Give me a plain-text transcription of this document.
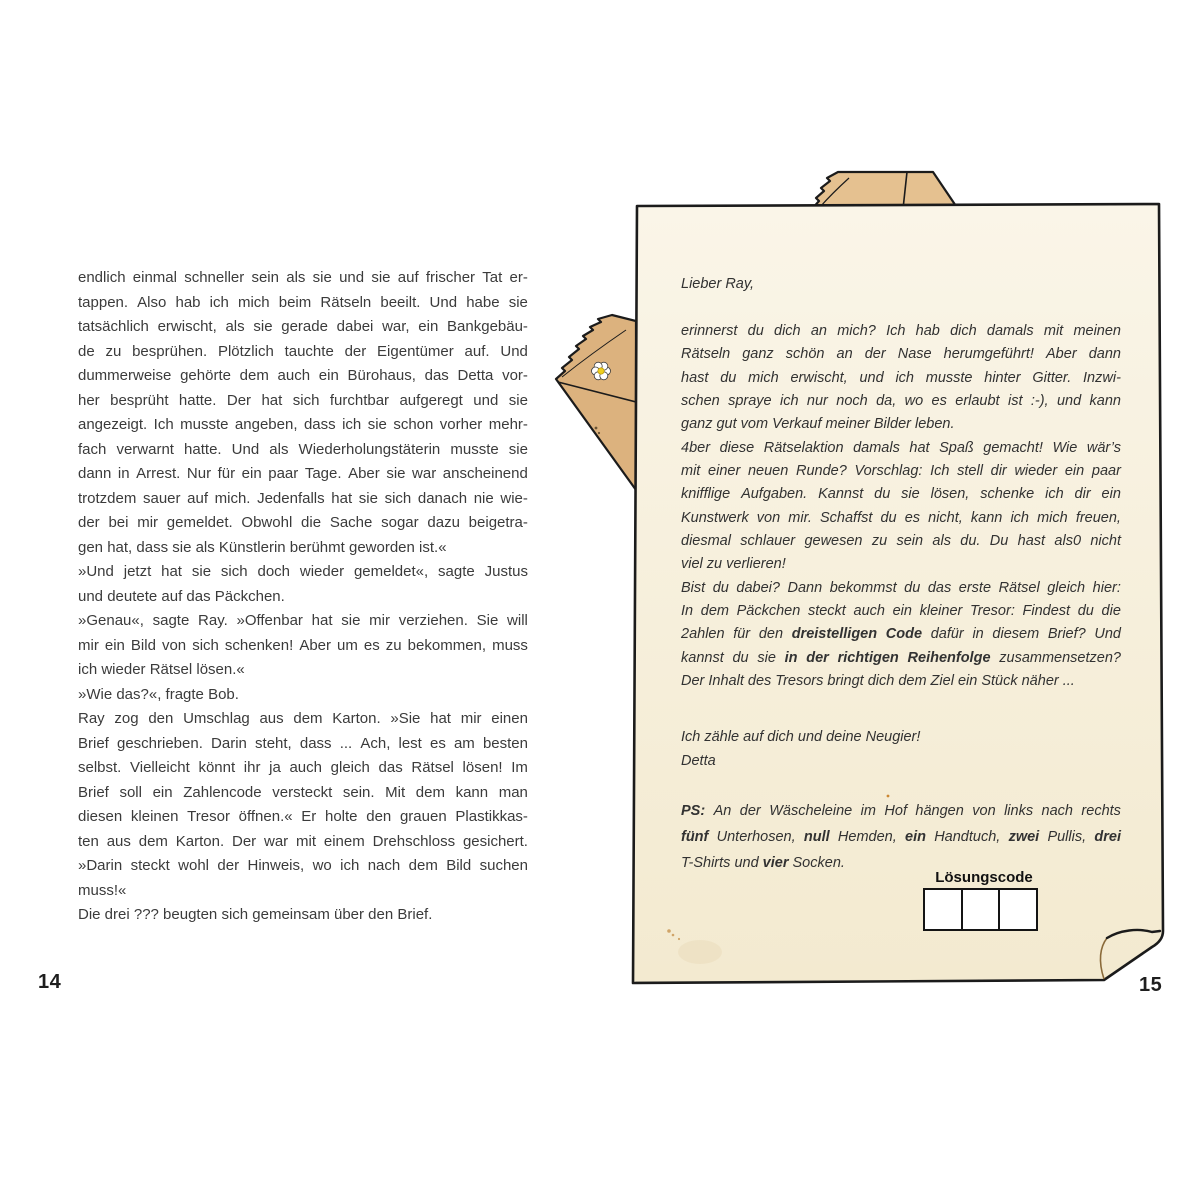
endlich einmal schneller sein als sie und sie auf frischer Tat er-
tappen. Also hab ich mich beim Rätseln beeilt. Und habe sie
tatsächlich erwischt, als sie gerade dabei war, ein Bankgebäu-
de zu besprühen. Plötzlich tauchte der Eigentümer auf. Und
dummerweise gehörte dem auch ein Bürohaus, das Detta vor-
her besprüht hatte. Der hat sich furchtbar aufgeregt und sie
angezeigt. Ich musste angeben, dass ich sie schon vorher mehr-
fach verwarnt hatte. Und als Wiederholungstäterin musste sie
dann in Arrest. Nur für ein paar Tage. Aber sie war anscheinend
trotzdem sauer auf mich. Jedenfalls hat sie sich danach nie wie-
der bei mir gemeldet. Obwohl die Sache sogar dazu beigetra-
gen hat, dass sie als Künstlerin berühmt geworden ist.«
»Und jetzt hat sie sich doch wieder gemeldet«, sagte Justus
und deutete auf das Päckchen.
»Genau«, sagte Ray. »Offenbar hat sie mir verziehen. Sie will
mir ein Bild von sich schenken! Aber um es zu bekommen, muss
ich wieder Rätsel lösen.«
»Wie das?«, fragte Bob.
Ray zog den Umschlag aus dem Karton. »Sie hat mir einen
Brief geschrieben. Darin steht, dass ... Ach, lest es am besten
selbst. Vielleicht könnt ihr ja auch gleich das Rätsel lösen! Im
Brief soll ein Zahlencode versteckt sein. Mit dem kann man
diesen kleinen Tresor öffnen.« Er holte den grauen Plastikkas-
ten aus dem Karton. Der war mit einem Drehschloss gesichert.
»Darin steckt wohl der Hinweis, wo ich nach dem Bild suchen
muss!«
Die drei ??? beugten sich gemeinsam über den Brief.
Lieber Ray,
erinnerst du dich an mich? Ich hab dich damals mit meinen
Rätseln ganz schön an der Nase herumgeführt! Aber dann
hast du mich erwischt, und ich musste hinter Gitter. Inzwi-
schen spraye ich nur noch da, wo es erlaubt ist :-), und kann
ganz gut vom Verkauf meiner Bilder leben.
4ber diese Rätselaktion damals hat Spaß gemacht! Wie wär’s
mit einer neuen Runde? Vorschlag: Ich stell dir wieder ein paar
knifflige Aufgaben. Kannst du sie lösen, schenke ich dir ein
Kunstwerk von mir. Schaffst du es nicht, kann ich mich freuen,
diesmal schlauer gewesen zu sein als du. Du hast als0 nicht
viel zu verlieren!
Bist du dabei? Dann bekommst du das erste Rätsel gleich hier:
In dem Päckchen steckt auch ein kleiner Tresor: Findest du die
2ahlen für den dreistelligen Code dafür in diesem Brief? Und
kannst du sie in der richtigen Reihenfolge zusammensetzen?
Der Inhalt des Tresors bringt dich dem Ziel ein Stück näher ...
Ich zähle auf dich und deine Neugier!
Detta
PS: An der Wäscheleine im Hof hängen von links nach rechts
fünf Unterhosen, null Hemden, ein Handtuch, zwei Pullis, drei
T-Shirts und vier Socken.
Lösungscode
14	15
